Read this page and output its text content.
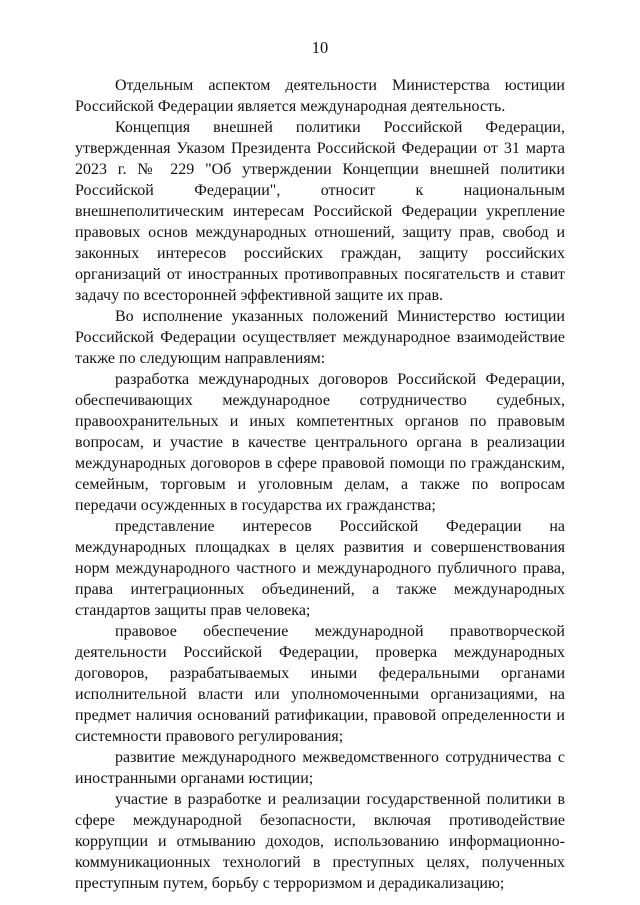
10

Отдельным аспектом деятельности Министерства юстиции Российской Федерации является международная деятельность.

Концепция внешней политики Российской Федерации, утвержденная Указом Президента Российской Федерации от 31 марта 2023 г. № 229 "Об утверждении Концепции внешней политики Российской Федерации", относит к национальным внешнеполитическим интересам Российской Федерации укрепление правовых основ международных отношений, защиту прав, свобод и законных интересов российских граждан, защиту российских организаций от иностранных противоправных посягательств и ставит задачу по всесторонней эффективной защите их прав.

Во исполнение указанных положений Министерство юстиции Российской Федерации осуществляет международное взаимодействие также по следующим направлениям:

разработка международных договоров Российской Федерации, обеспечивающих международное сотрудничество судебных, правоохранительных и иных компетентных органов по правовым вопросам, и участие в качестве центрального органа в реализации международных договоров в сфере правовой помощи по гражданским, семейным, торговым и уголовным делам, а также по вопросам передачи осужденных в государства их гражданства;

представление интересов Российской Федерации на международных площадках в целях развития и совершенствования норм международного частного и международного публичного права, права интеграционных объединений, а также международных стандартов защиты прав человека;

правовое обеспечение международной правотворческой деятельности Российской Федерации, проверка международных договоров, разрабатываемых иными федеральными органами исполнительной власти или уполномоченными организациями, на предмет наличия оснований ратификации, правовой определенности и системности правового регулирования;

развитие международного межведомственного сотрудничества с иностранными органами юстиции;

участие в разработке и реализации государственной политики в сфере международной безопасности, включая противодействие коррупции и отмыванию доходов, использованию информационно-коммуникационных технологий в преступных целях, полученных преступным путем, борьбу с терроризмом и дерадикализацию;
